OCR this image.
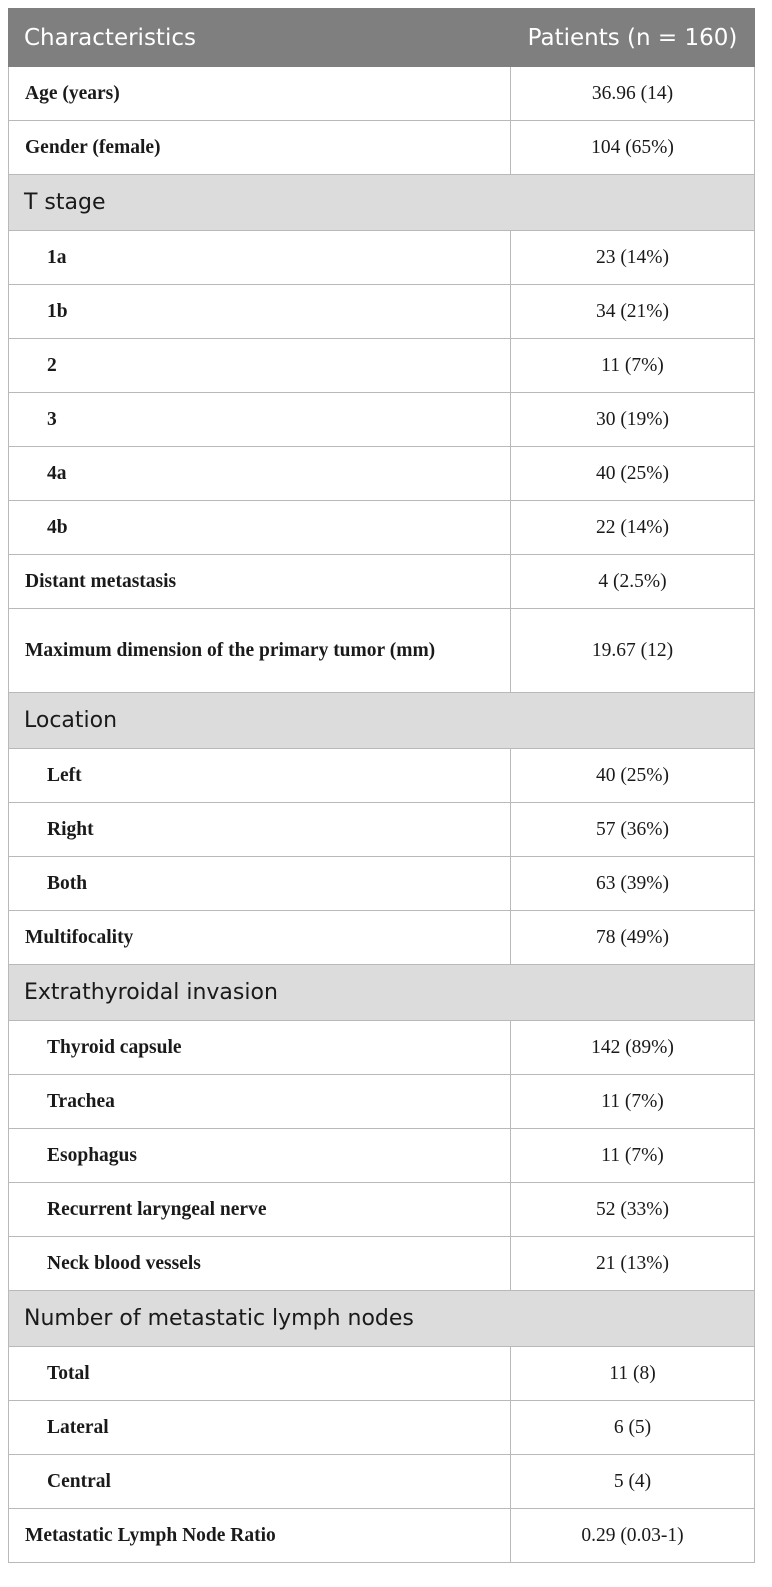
Characteristics	Patients (n = 160)
Age (years)	36.96 (14)
Gender (female)	104 (65%)
T stage	
1a	23 (14%)
1b	34 (21%)
2	11 (7%)
3	30 (19%)
4a	40 (25%)
4b	22 (14%)
Distant metastasis	4 (2.5%)
Maximum dimension of the primary tumor (mm)	19.67 (12)
Location	
Left	40 (25%)
Right	57 (36%)
Both	63 (39%)
Multifocality	78 (49%)
Extrathyroidal invasion	
Thyroid capsule	142 (89%)
Trachea	11 (7%)
Esophagus	11 (7%)
Recurrent laryngeal nerve	52 (33%)
Neck blood vessels	21 (13%)
Number of metastatic lymph nodes	
Total	11 (8)
Lateral	6 (5)
Central	5 (4)
Metastatic Lymph Node Ratio	0.29 (0.03-1)
